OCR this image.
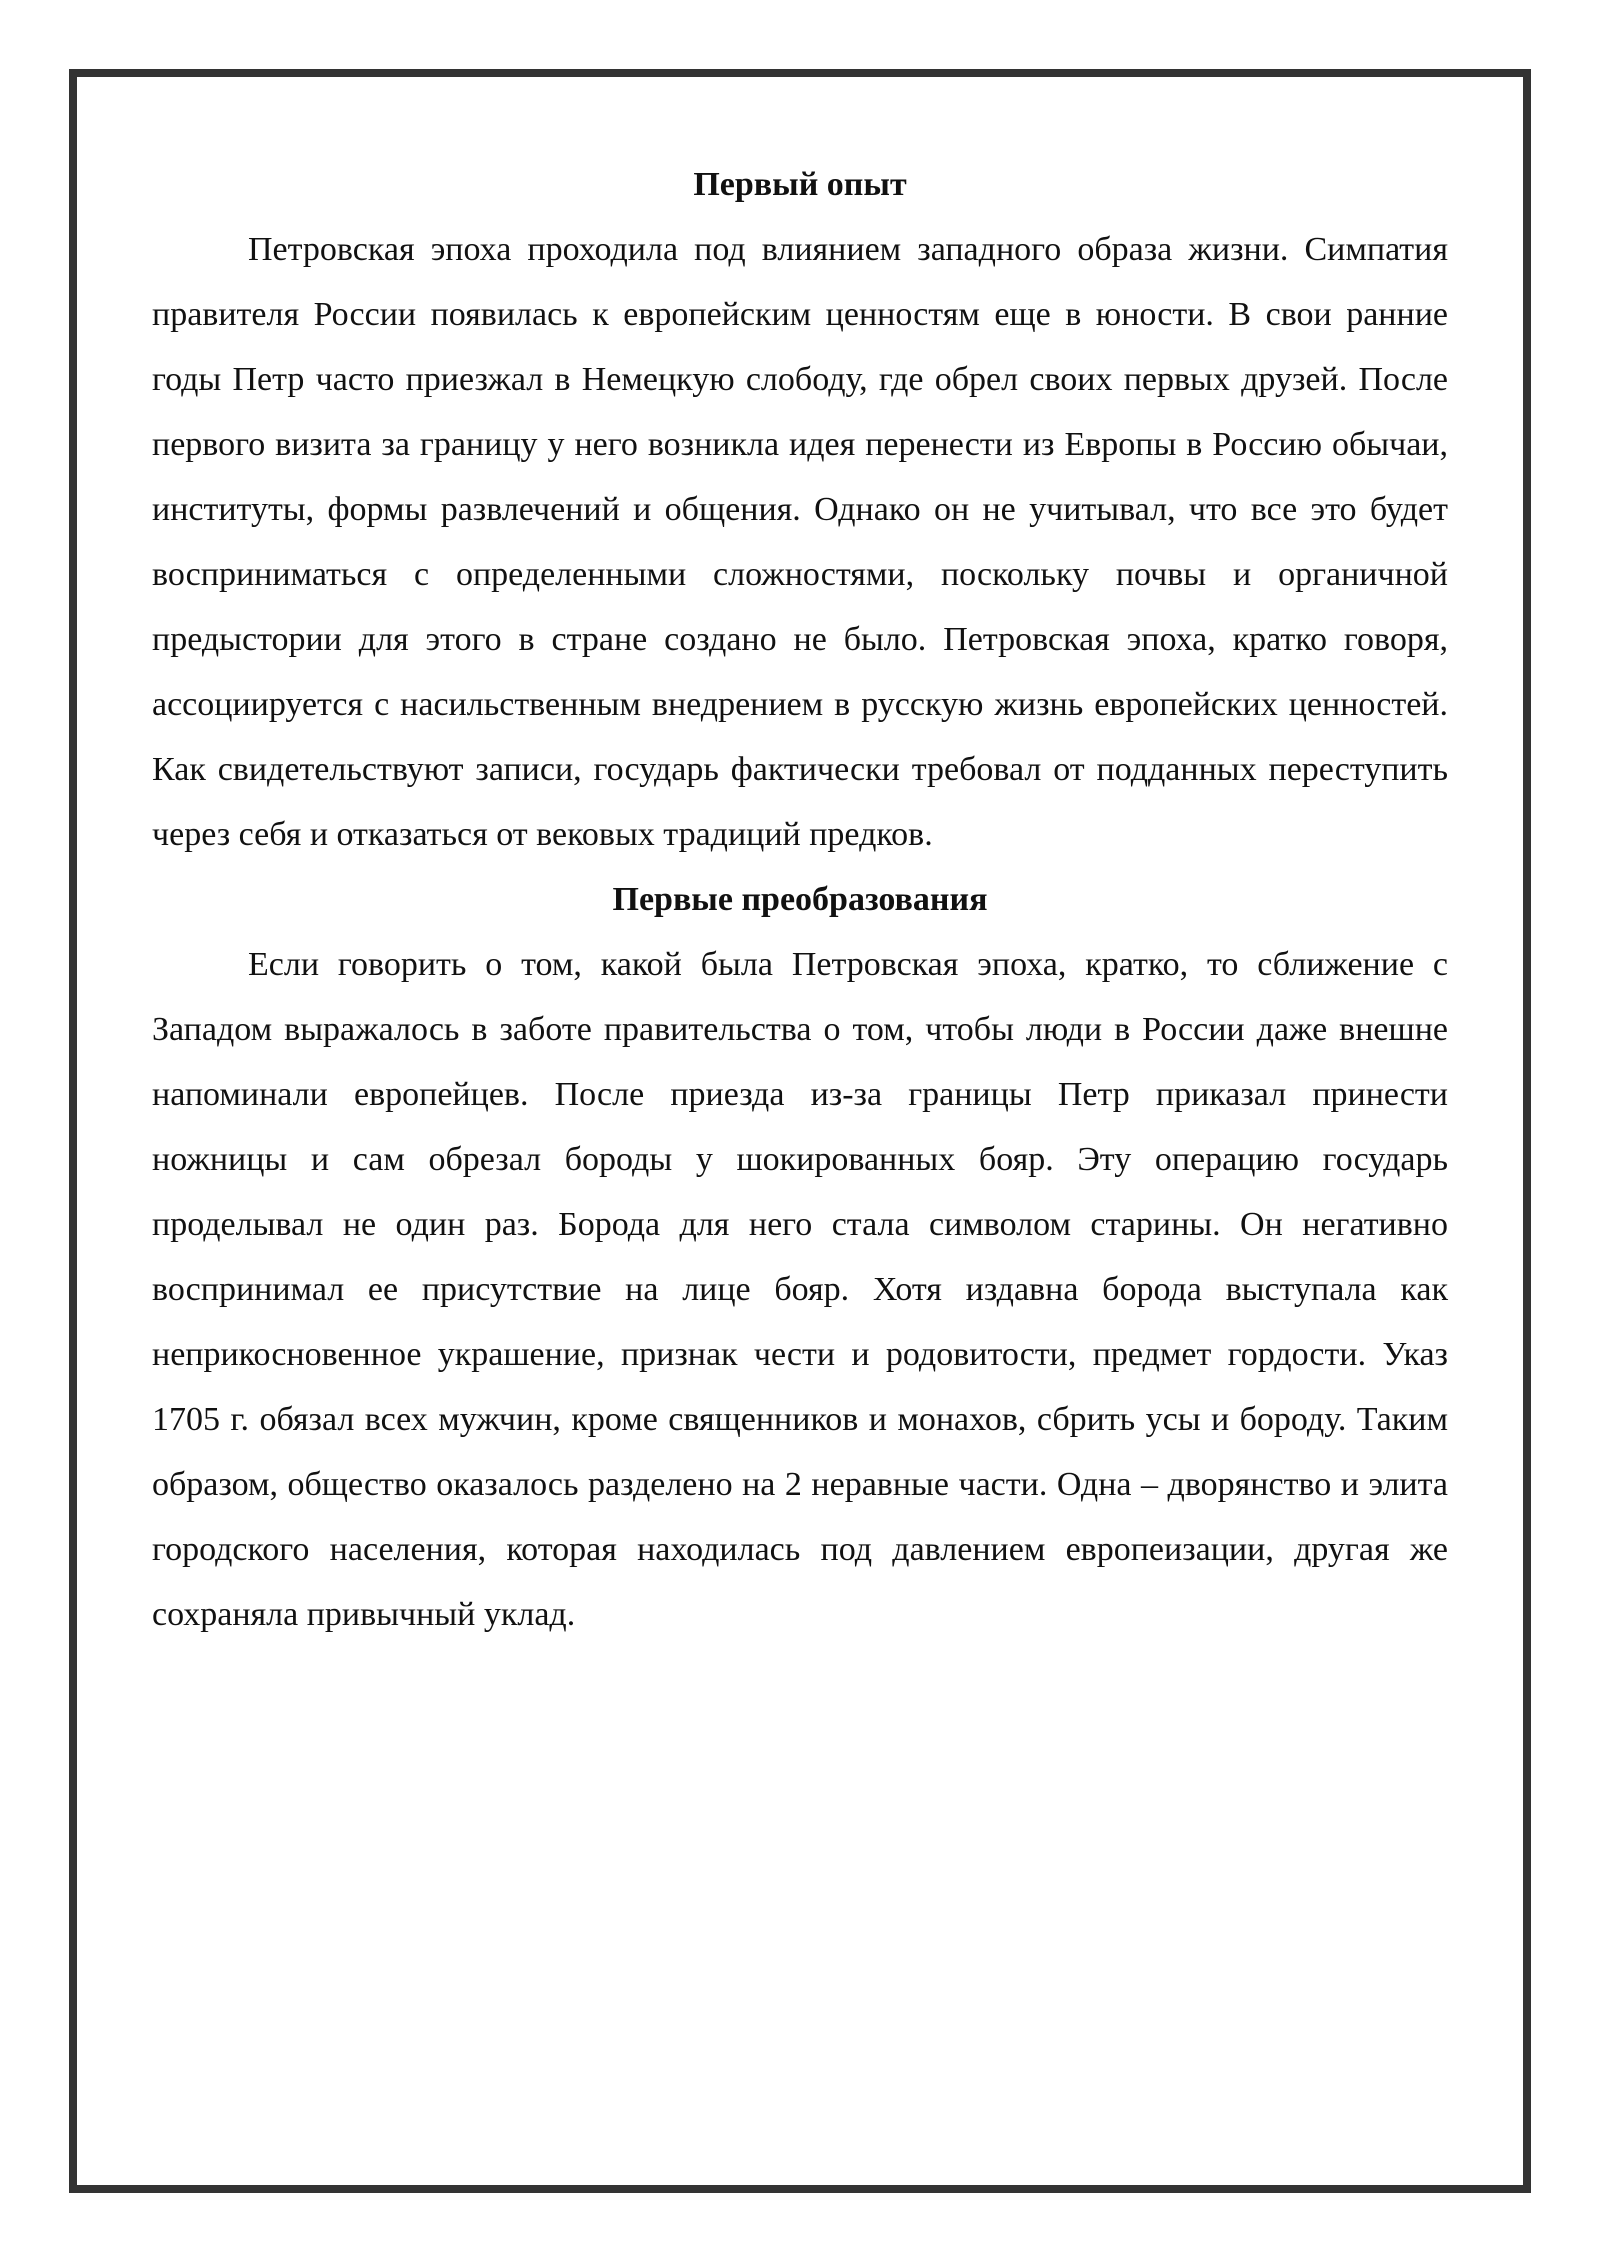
Первый опыт

Петровская эпоха проходила под влиянием западного образа жизни. Симпатия правителя России появилась к европейским ценностям еще в юности. В свои ранние годы Петр часто приезжал в Немецкую слободу, где обрел своих первых друзей. После первого визита за границу у него возникла идея перенести из Европы в Россию обычаи, институты, формы развлечений и общения. Однако он не учитывал, что все это будет восприниматься с определенными сложностями, поскольку почвы и органичной предыстории для этого в стране создано не было. Петровская эпоха, кратко говоря, ассоциируется с насильственным внедрением в русскую жизнь европейских ценностей. Как свидетельствуют записи, государь фактически требовал от подданных переступить через себя и отказаться от вековых традиций предков.

Первые преобразования

Если говорить о том, какой была Петровская эпоха, кратко, то сближение с Западом выражалось в заботе правительства о том, чтобы люди в России даже внешне напоминали европейцев. После приезда из-за границы Петр приказал принести ножницы и сам обрезал бороды у шокированных бояр. Эту операцию государь проделывал не один раз. Борода для него стала символом старины. Он негативно воспринимал ее присутствие на лице бояр. Хотя издавна борода выступала как неприкосновенное украшение, признак чести и родовитости, предмет гордости. Указ 1705 г. обязал всех мужчин, кроме священников и монахов, сбрить усы и бороду. Таким образом, общество оказалось разделено на 2 неравные части. Одна – дворянство и элита городского населения, которая находилась под давлением европеизации, другая же сохраняла привычный уклад.
